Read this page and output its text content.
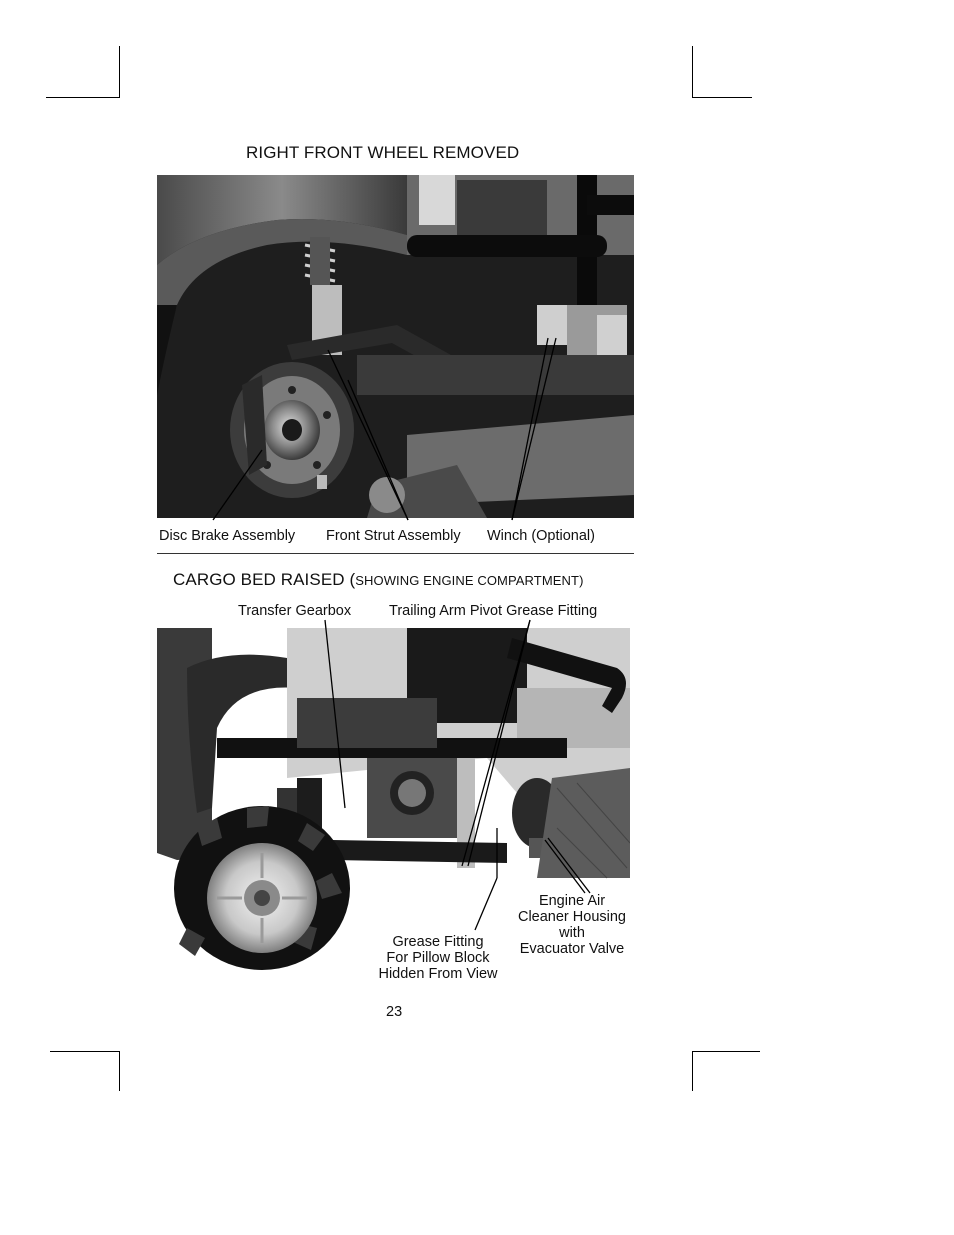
RIGHT FRONT WHEEL REMOVED
Disc Brake Assembly Front Strut Assembly Winch (Optional)
CARGO BED RAISED (SHOWING ENGINE COMPARTMENT)
Transfer Gearbox	Trailing Arm Pivot Grease Fitting
Engine Air
Cleaner Housing
with
Evacuator Valve
Grease Fitting
For Pillow Block
Hidden From View
23
